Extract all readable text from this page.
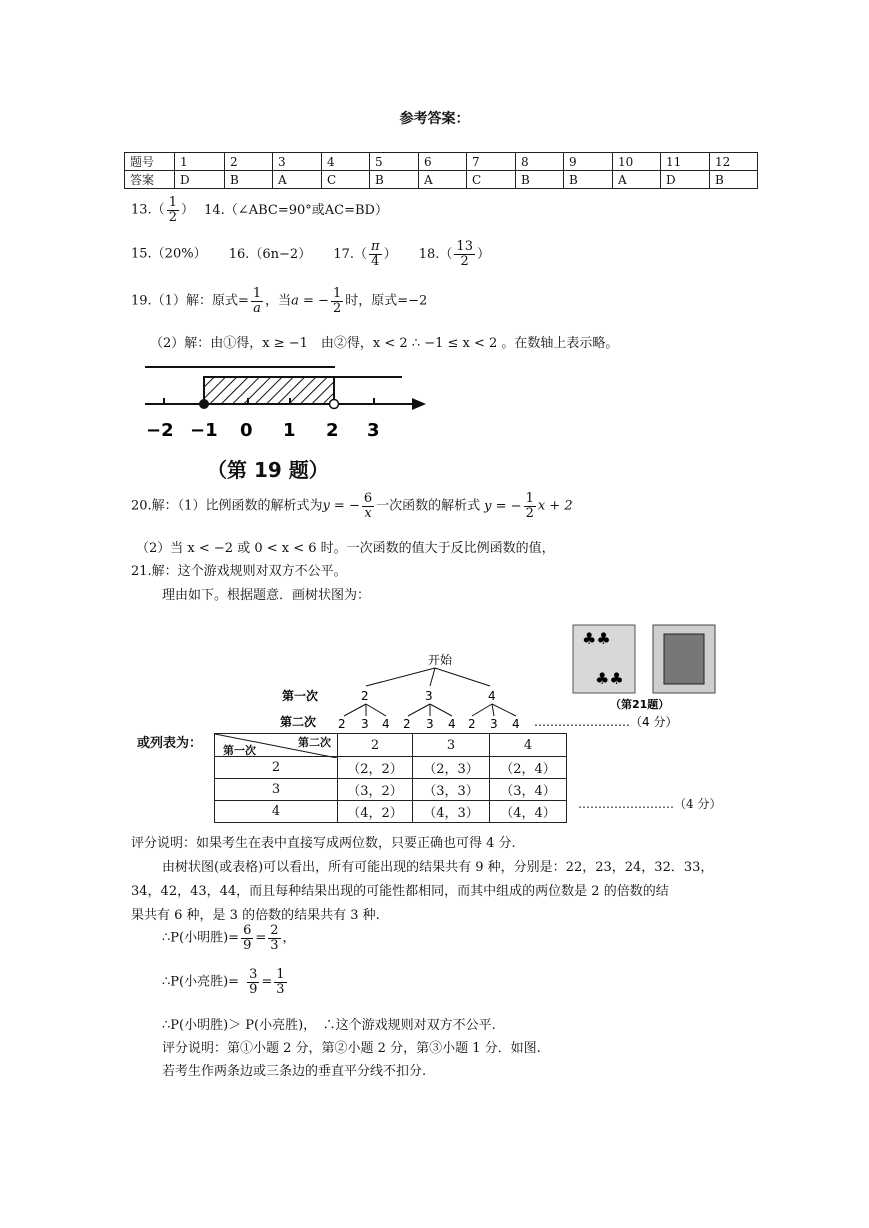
参考答案：
题号	1	2	3	4	5	6	7	8	9	10	11	12
答案	D	B	A	C	B	A	C	B	B	A	D	B
$13.( \frac{1}{2}$ ） 14.（∠ABC=90°或AC=BD）
15.（20%） 16.（6n−2） $17.( \frac{\pi}{4}$ ） $18.( \frac{13}{2}$ ）
19.（1）解：原式= $\frac{1}{a}$ ，当a = − $\frac{1}{2}$ 时，原式=−2
（2）解：由①得，x ≥ −1　由②得，x < 2 ∴ −1 ≤ x < 2 。在数轴上表示略。
−2 −1 0 1 2 3
（第 19 题）
20.解：（1）比例函数的解析式为y = − $\frac{6}{x}$ 一次函数的解析式 y = − $\frac{1}{2}$ x + 2
（2）当 x < −2 或 0 < x < 6 时。一次函数的值大于反比例函数的值，
21.解：这个游戏规则对双方不公平。
理由如下。根据题意．画树状图为：
开始
第一次
第二次
2	3	4
2 3 4 2 3 4 2 3 4 ……………………（4 分）
♣♣
♣♣
（第21题）
或列表为：	第二次
第一次	2	3	4
2	（2，2）	（2，3）	（2，4）
3	（3，2）	（3，3）	（3，4）
4	（4，2）	（4，3）	（4，4）
……………………（4 分）
评分说明：如果考生在表中直接写成两位数，只要正确也可得 4 分.
由树状图(或表格)可以看出，所有可能出现的结果共有 9 种，分别是：22，23，24，32．33，
34，42，43，44，而且每种结果出现的可能性都相同，而其中组成的两位数是 2 的倍数的结
果共有 6 种，是 3 的倍数的结果共有 3 种.
∴P(小明胜)= $\frac{6}{9} = \frac{2}{3}$ ，
∴P(小亮胜)= $\frac{3}{9} = \frac{1}{3}$
∴P(小明胜)＞ P(小亮胜)，　∴这个游戏规则对双方不公平.
评分说明：第①小题 2 分，第②小题 2 分，第③小题 1 分．如图.
若考生作两条边或三条边的垂直平分线不扣分.
